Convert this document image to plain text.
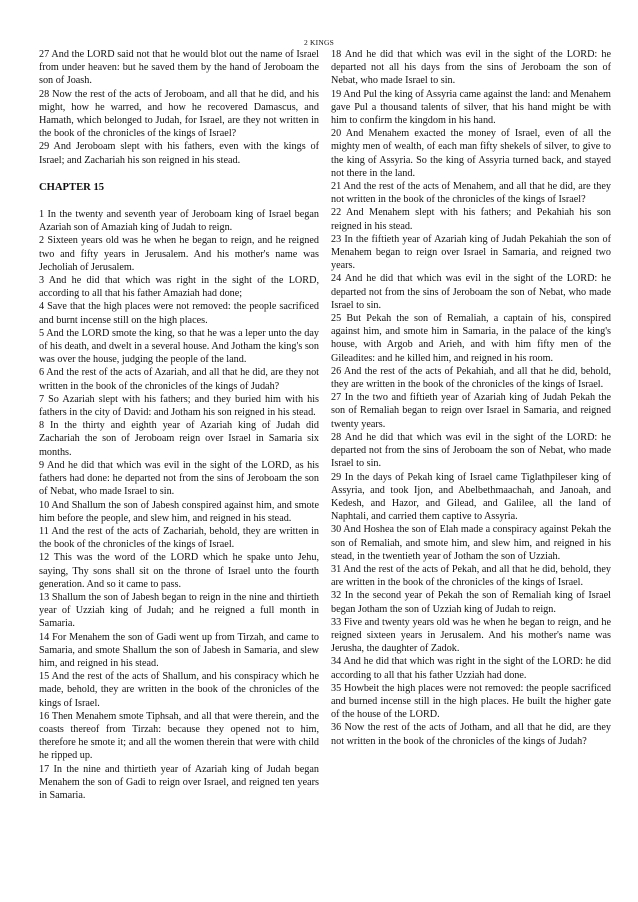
2 KINGS

27 And the LORD said not that he would blot out the name of Israel from under heaven: but he saved them by the hand of Jeroboam the son of Joash.

28 Now the rest of the acts of Jeroboam, and all that he did, and his might, how he warred, and how he recovered Damascus, and Hamath, which belonged to Judah, for Israel, are they not written in the book of the chronicles of the kings of Israel?

29 And Jeroboam slept with his fathers, even with the kings of Israel; and Zachariah his son reigned in his stead.

CHAPTER 15

1 In the twenty and seventh year of Jeroboam king of Israel began Azariah son of Amaziah king of Judah to reign.

2 Sixteen years old was he when he began to reign, and he reigned two and fifty years in Jerusalem. And his mother's name was Jecholiah of Jerusalem.

3 And he did that which was right in the sight of the LORD, according to all that his father Amaziah had done;

4 Save that the high places were not removed: the people sacrificed and burnt incense still on the high places.

5 And the LORD smote the king, so that he was a leper unto the day of his death, and dwelt in a several house. And Jotham the king's son was over the house, judging the people of the land.

6 And the rest of the acts of Azariah, and all that he did, are they not written in the book of the chronicles of the kings of Judah?

7 So Azariah slept with his fathers; and they buried him with his fathers in the city of David: and Jotham his son reigned in his stead.

8 In the thirty and eighth year of Azariah king of Judah did Zachariah the son of Jeroboam reign over Israel in Samaria six months.

9 And he did that which was evil in the sight of the LORD, as his fathers had done: he departed not from the sins of Jeroboam the son of Nebat, who made Israel to sin.

10 And Shallum the son of Jabesh conspired against him, and smote him before the people, and slew him, and reigned in his stead.

11 And the rest of the acts of Zachariah, behold, they are written in the book of the chronicles of the kings of Israel.

12 This was the word of the LORD which he spake unto Jehu, saying, Thy sons shall sit on the throne of Israel unto the fourth generation. And so it came to pass.

13 Shallum the son of Jabesh began to reign in the nine and thirtieth year of Uzziah king of Judah; and he reigned a full month in Samaria.

14 For Menahem the son of Gadi went up from Tirzah, and came to Samaria, and smote Shallum the son of Jabesh in Samaria, and slew him, and reigned in his stead.

15 And the rest of the acts of Shallum, and his conspiracy which he made, behold, they are written in the book of the chronicles of the kings of Israel.

16 Then Menahem smote Tiphsah, and all that were therein, and the coasts thereof from Tirzah: because they opened not to him, therefore he smote it; and all the women therein that were with child he ripped up.

17 In the nine and thirtieth year of Azariah king of Judah began Menahem the son of Gadi to reign over Israel, and reigned ten years in Samaria.

18 And he did that which was evil in the sight of the LORD: he departed not all his days from the sins of Jeroboam the son of Nebat, who made Israel to sin.

19 And Pul the king of Assyria came against the land: and Menahem gave Pul a thousand talents of silver, that his hand might be with him to confirm the kingdom in his hand.

20 And Menahem exacted the money of Israel, even of all the mighty men of wealth, of each man fifty shekels of silver, to give to the king of Assyria. So the king of Assyria turned back, and stayed not there in the land.

21 And the rest of the acts of Menahem, and all that he did, are they not written in the book of the chronicles of the kings of Israel?

22 And Menahem slept with his fathers; and Pekahiah his son reigned in his stead.

23 In the fiftieth year of Azariah king of Judah Pekahiah the son of Menahem began to reign over Israel in Samaria, and reigned two years.

24 And he did that which was evil in the sight of the LORD: he departed not from the sins of Jeroboam the son of Nebat, who made Israel to sin.

25 But Pekah the son of Remaliah, a captain of his, conspired against him, and smote him in Samaria, in the palace of the king's house, with Argob and Arieh, and with him fifty men of the Gileadites: and he killed him, and reigned in his room.

26 And the rest of the acts of Pekahiah, and all that he did, behold, they are written in the book of the chronicles of the kings of Israel.

27 In the two and fiftieth year of Azariah king of Judah Pekah the son of Remaliah began to reign over Israel in Samaria, and reigned twenty years.

28 And he did that which was evil in the sight of the LORD: he departed not from the sins of Jeroboam the son of Nebat, who made Israel to sin.

29 In the days of Pekah king of Israel came Tiglathpileser king of Assyria, and took Ijon, and Abelbethmaachah, and Janoah, and Kedesh, and Hazor, and Gilead, and Galilee, all the land of Naphtali, and carried them captive to Assyria.

30 And Hoshea the son of Elah made a conspiracy against Pekah the son of Remaliah, and smote him, and slew him, and reigned in his stead, in the twentieth year of Jotham the son of Uzziah.

31 And the rest of the acts of Pekah, and all that he did, behold, they are written in the book of the chronicles of the kings of Israel.

32 In the second year of Pekah the son of Remaliah king of Israel began Jotham the son of Uzziah king of Judah to reign.

33 Five and twenty years old was he when he began to reign, and he reigned sixteen years in Jerusalem. And his mother's name was Jerusha, the daughter of Zadok.

34 And he did that which was right in the sight of the LORD: he did according to all that his father Uzziah had done.

35 Howbeit the high places were not removed: the people sacrificed and burned incense still in the high places. He built the higher gate of the house of the LORD.

36 Now the rest of the acts of Jotham, and all that he did, are they not written in the book of the chronicles of the kings of Judah?
